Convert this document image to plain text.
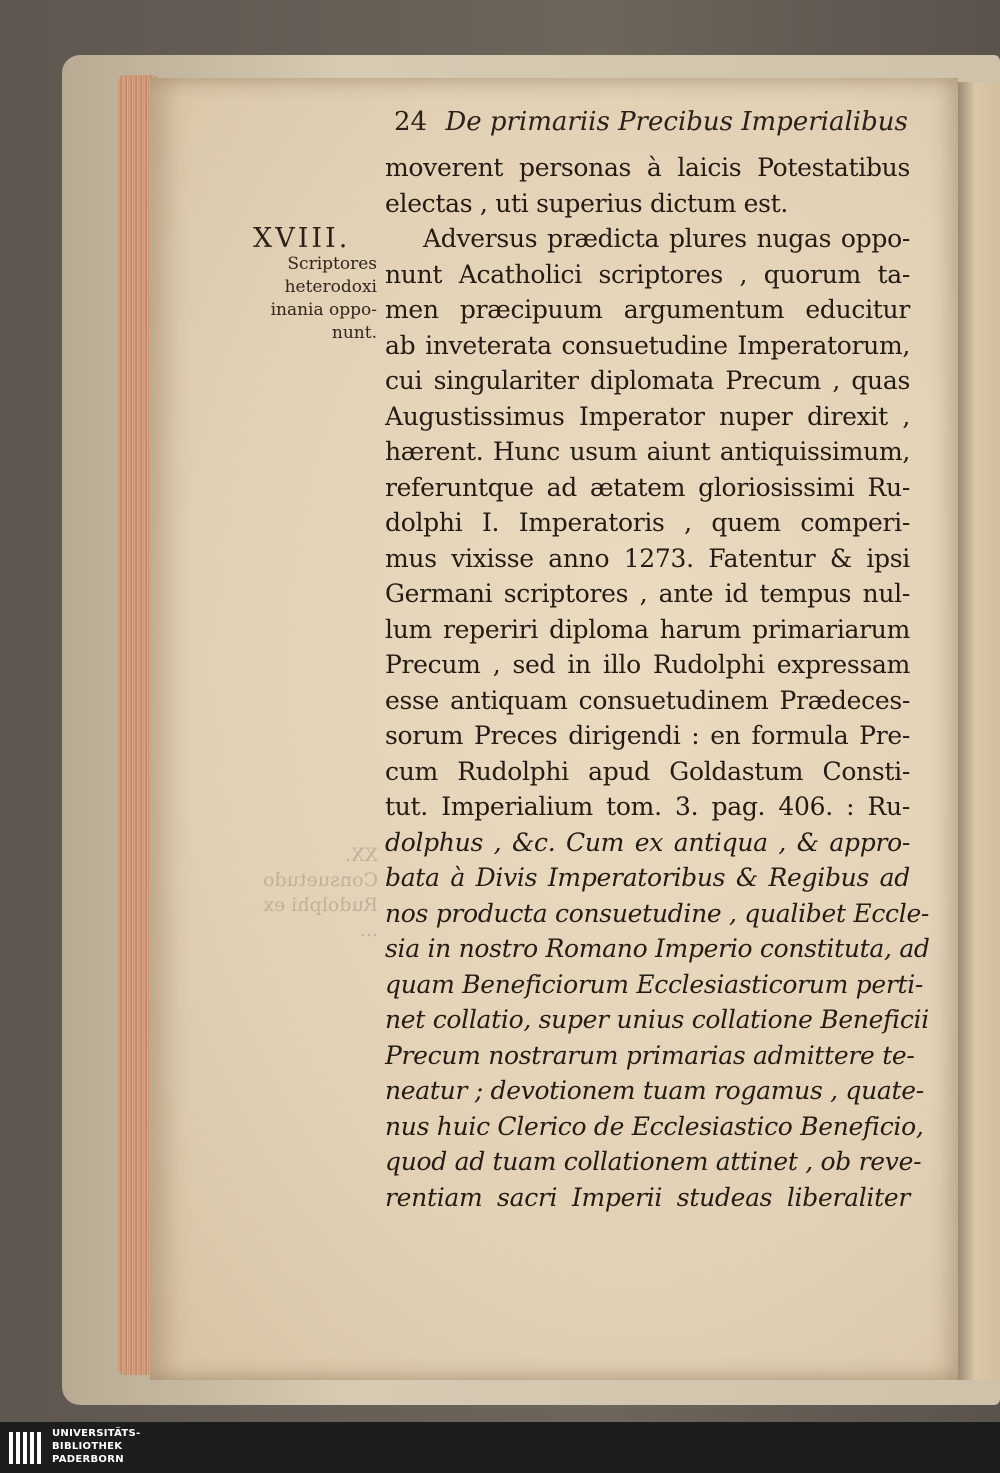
24 De primariis Precibus Imperialibus
XVIII.
Scriptores
heterodoxi
inania oppo-
nunt.
XX.
Consuetudo
Rudolphi ex
...
moverent personas à laicis Potestatibus
electas , uti superius dictum est.
Adversus prædicta plures nugas oppo-
nunt Acatholici scriptores , quorum ta-
men præcipuum argumentum educitur
ab inveterata consuetudine Imperatorum,
cui singulariter diplomata Precum , quas
Augustissimus Imperator nuper direxit ,
hærent. Hunc usum aiunt antiquissimum,
referuntque ad ætatem gloriosissimi Ru-
dolphi I. Imperatoris , quem comperi-
mus vixisse anno 1273. Fatentur & ipsi
Germani scriptores , ante id tempus nul-
lum reperiri diploma harum primariarum
Precum , sed in illo Rudolphi expressam
esse antiquam consuetudinem Prædeces-
sorum Preces dirigendi : en formula Pre-
cum Rudolphi apud Goldastum Consti-
tut. Imperialium tom. 3. pag. 406. : Ru-
dolphus , &c. Cum ex antiqua , & appro-
bata à Divis Imperatoribus & Regibus ad
nos producta consuetudine , qualibet Eccle-
sia in nostro Romano Imperio constituta, ad
quam Beneficiorum Ecclesiasticorum perti-
net collatio, super unius collatione Beneficii
Precum nostrarum primarias admittere te-
neatur ; devotionem tuam rogamus , quate-
nus huic Clerico de Ecclesiastico Beneficio,
quod ad tuam collationem attinet , ob reve-
rentiam sacri Imperii studeas liberaliter
UNIVERSITÄTS-
BIBLIOTHEK
PADERBORN
